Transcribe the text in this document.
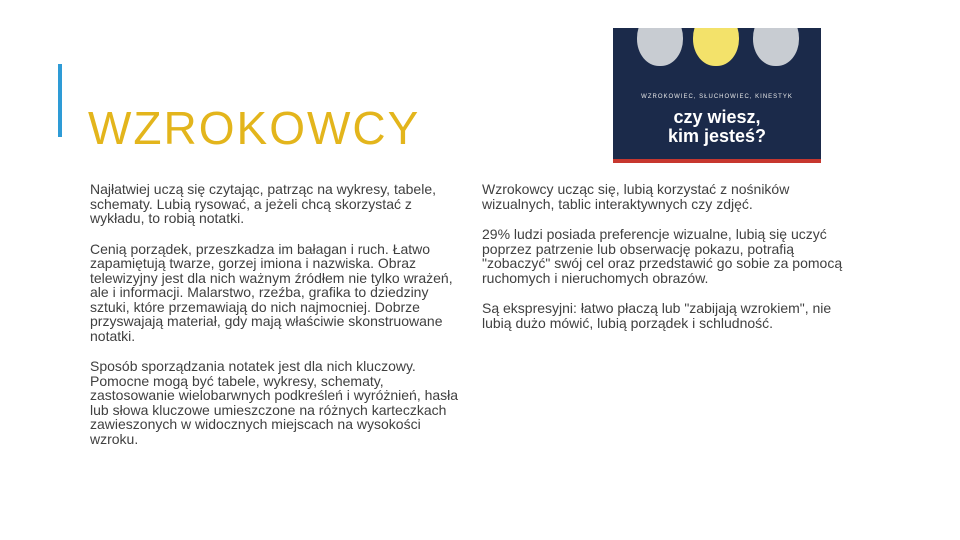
WZROKOWCY
WZROKOWIEC, SŁUCHOWIEC, KINESTYK
czy wiesz,
kim jesteś?

Najłatwiej uczą się czytając, patrząc na wykresy, tabele, schematy. Lubią rysować, a jeżeli chcą skorzystać z wykładu, to robią notatki.

Cenią porządek, przeszkadza im bałagan i ruch. Łatwo zapamiętują twarze, gorzej imiona i nazwiska. Obraz telewizyjny jest dla nich ważnym źródłem nie tylko wrażeń, ale i informacji. Malarstwo, rzeźba, grafika to dziedziny sztuki, które przemawiają do nich najmocniej. Dobrze przyswajają materiał, gdy mają właściwie skonstruowane notatki.

Sposób sporządzania notatek jest dla nich kluczowy. Pomocne mogą być tabele, wykresy, schematy, zastosowanie wielobarwnych podkreśleń i wyróżnień, hasła lub słowa kluczowe umieszczone na różnych karteczkach zawieszonych w widocznych miejscach na wysokości wzroku.

Wzrokowcy ucząc się, lubią korzystać z nośników wizualnych, tablic interaktywnych czy zdjęć.

29% ludzi posiada preferencje wizualne, lubią się uczyć poprzez patrzenie lub obserwację pokazu, potrafią "zobaczyć" swój cel oraz przedstawić go sobie za pomocą ruchomych i nieruchomych obrazów.

Są ekspresyjni: łatwo płaczą lub "zabijają wzrokiem", nie lubią dużo mówić, lubią porządek i schludność.
